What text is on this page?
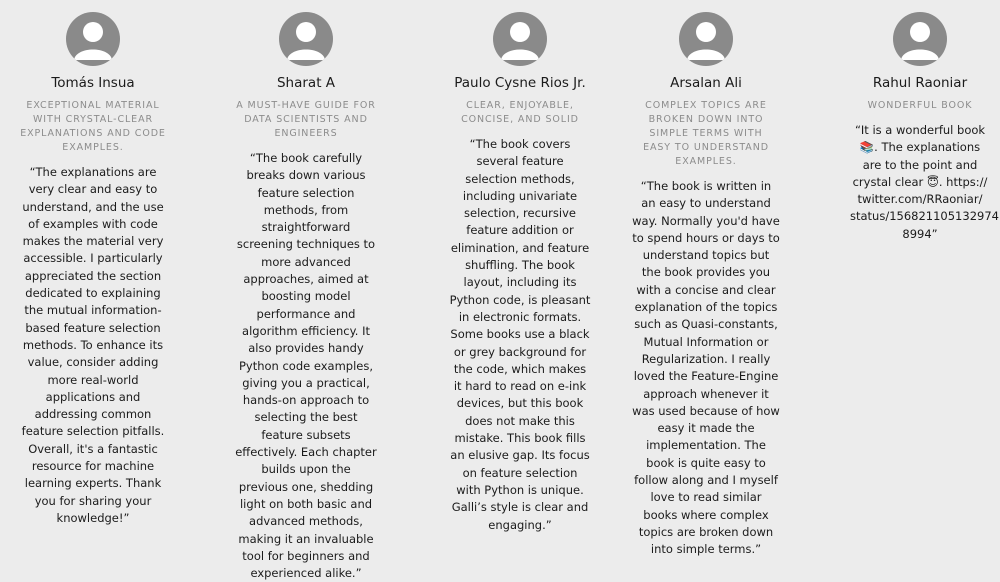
Tomás Insua
EXCEPTIONAL MATERIAL WITH CRYSTAL-CLEAR EXPLANATIONS AND CODE EXAMPLES.
“The explanations are very clear and easy to understand, and the use of examples with code makes the material very accessible. I particularly appreciated the section dedicated to explaining the mutual information-based feature selection methods. To enhance its value, consider adding more real-world applications and addressing common feature selection pitfalls. Overall, it's a fantastic resource for machine learning experts. Thank you for sharing your knowledge!”
Sharat A
A MUST-HAVE GUIDE FOR DATA SCIENTISTS AND ENGINEERS
“The book carefully breaks down various feature selection methods, from straightforward screening techniques to more advanced approaches, aimed at boosting model performance and algorithm efficiency. It also provides handy Python code examples, giving you a practical, hands-on approach to selecting the best feature subsets effectively. Each chapter builds upon the previous one, shedding light on both basic and advanced methods, making it an invaluable tool for beginners and experienced alike.”
Paulo Cysne Rios Jr.
CLEAR, ENJOYABLE, CONCISE, AND SOLID
“The book covers several feature selection methods, including univariate selection, recursive feature addition or elimination, and feature shuffling. The book layout, including its Python code, is pleasant in electronic formats. Some books use a black or grey background for the code, which makes it hard to read on e-ink devices, but this book does not make this mistake. This book fills an elusive gap. Its focus on feature selection with Python is unique. Galli’s style is clear and engaging.”
Arsalan Ali
COMPLEX TOPICS ARE BROKEN DOWN INTO SIMPLE TERMS WITH EASY TO UNDERSTAND EXAMPLES.
“The book is written in an easy to understand way. Normally you'd have to spend hours or days to understand topics but the book provides you with a concise and clear explanation of the topics such as Quasi-constants, Mutual Information or Regularization. I really loved the Feature-Engine approach whenever it was used because of how easy it made the implementation. The book is quite easy to follow along and I myself love to read similar books where complex topics are broken down into simple terms.”
Rahul Raoniar
WONDERFUL BOOK
“It is a wonderful book 📚. The explanations are to the point and crystal clear 😇. https:// twitter.com/RRaoniar/ status/156821105132974 8994”
